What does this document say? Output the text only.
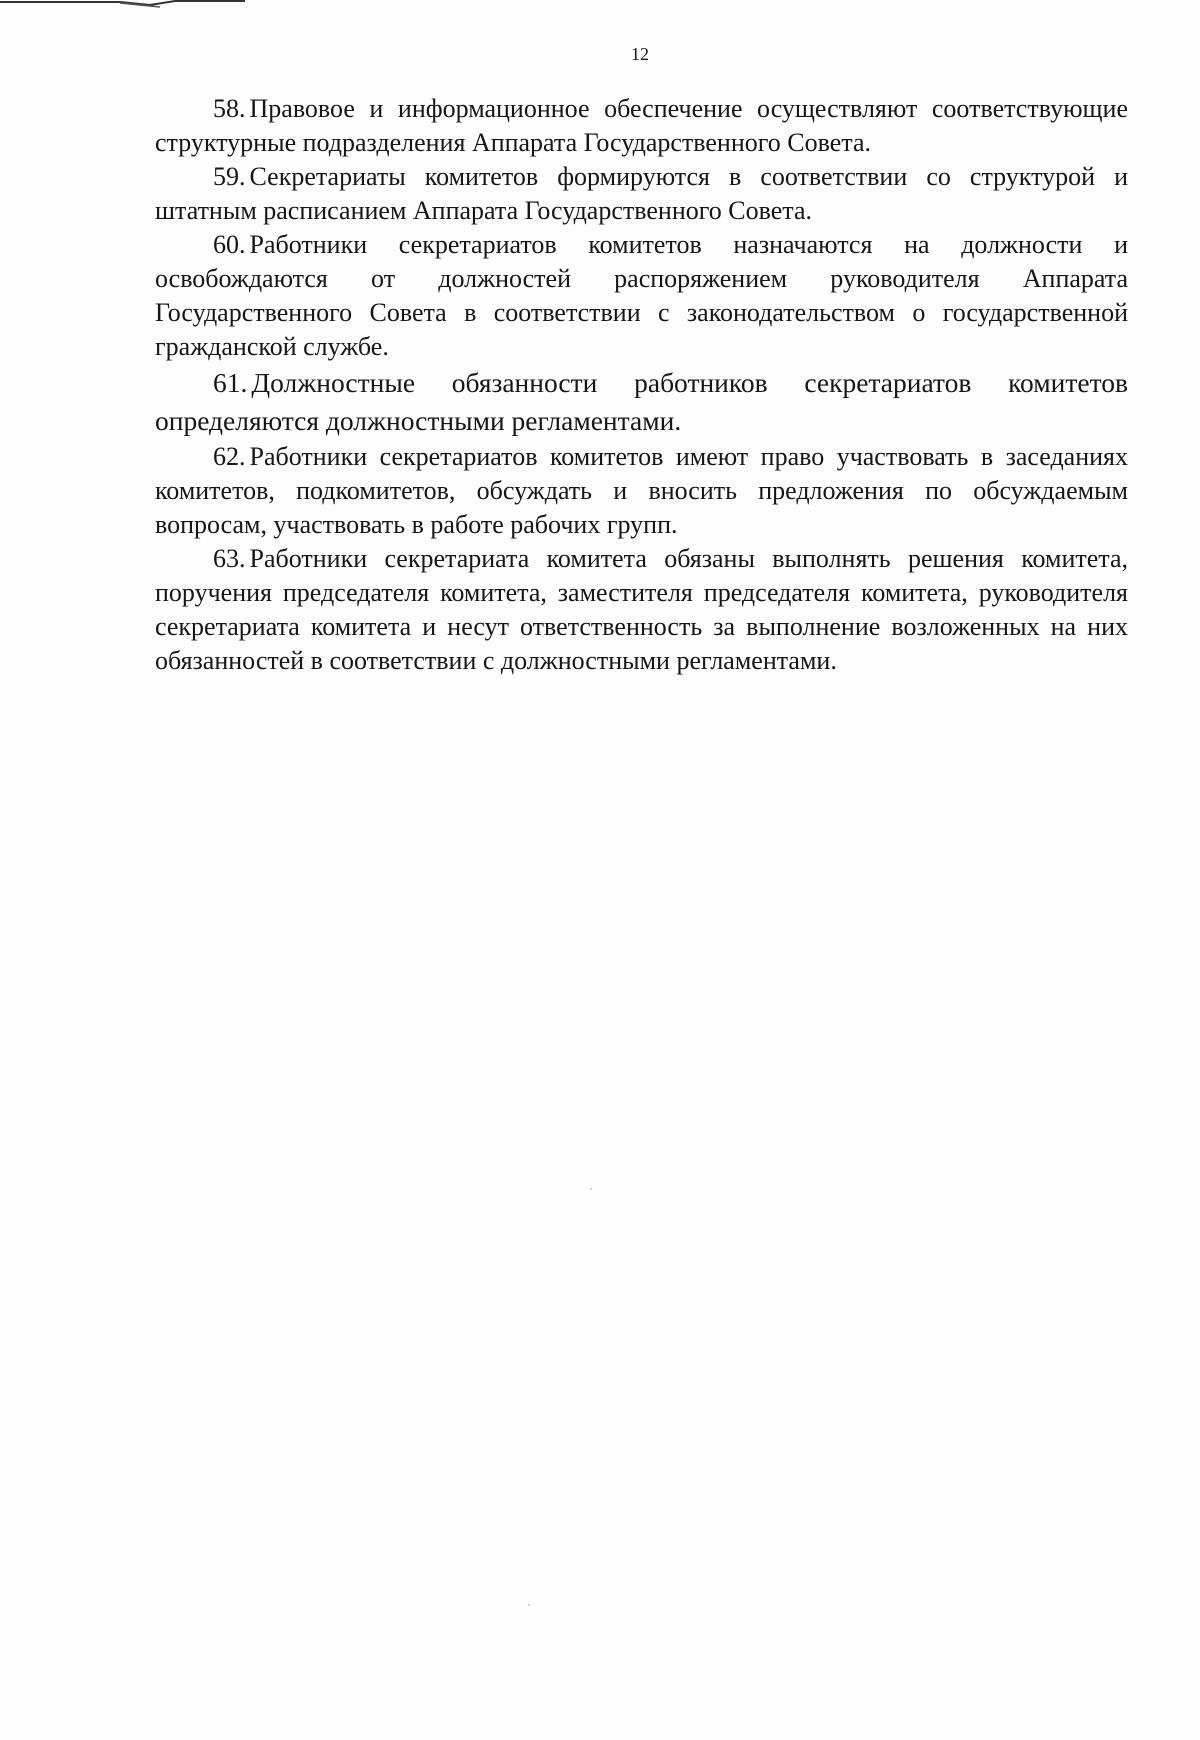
12

58. Правовое и информационное обеспечение осуществляют соответствующие структурные подразделения Аппарата Государственного Совета.

59. Секретариаты комитетов формируются в соответствии со структурой и штатным расписанием Аппарата Государственного Совета.

60. Работники секретариатов комитетов назначаются на должности и освобождаются от должностей распоряжением руководителя Аппарата Государственного Совета в соответствии с законодательством о государственной гражданской службе.

61. Должностные обязанности работников секретариатов комитетов определяются должностными регламентами.

62. Работники секретариатов комитетов имеют право участвовать в заседаниях комитетов, подкомитетов, обсуждать и вносить предложения по обсуждаемым вопросам, участвовать в работе рабочих групп.

63. Работники секретариата комитета обязаны выполнять решения комитета, поручения председателя комитета, заместителя председателя комитета, руководителя секретариата комитета и несут ответственность за выполнение возложенных на них обязанностей в соответствии с должностными регламентами.
